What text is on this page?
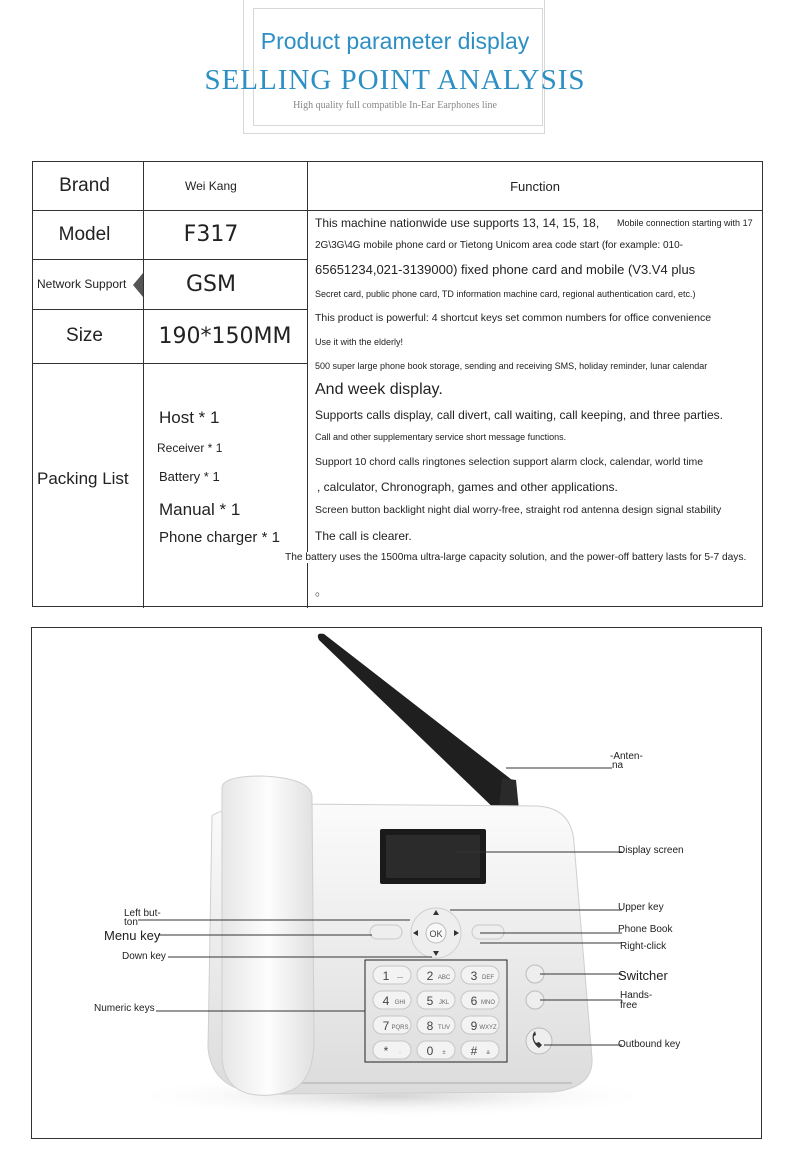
Product parameter display
SELLING POINT ANALYSIS
High quality full compatible In-Ear Earphones line
Brand	Wei Kang	Function
Model	F317
Network Support	GSM
Size	190*150MM
Packing List
Host * 1
Receiver * 1
Battery * 1
Manual * 1
Phone charger * 1
This machine nationwide use supports 13, 14, 15, 18, Mobile connection starting with 17
2G\3G\4G mobile phone card or Tietong Unicom area code start (for example: 010-
65651234,021-3139000) fixed phone card and mobile (V3.V4 plus
Secret card, public phone card, TD information machine card, regional authentication card, etc.)
This product is powerful: 4 shortcut keys set common numbers for office convenience
Use it with the elderly!
500 super large phone book storage, sending and receiving SMS, holiday reminder, lunar calendar
And week display.
Supports calls display, call divert, call waiting, call keeping, and three parties.
Call and other supplementary service short message functions.
Support 10 chord calls ringtones selection support alarm clock, calendar, world time
, calculator, Chronograph, games and other applications.
Screen button backlight night dial worry-free, straight rod antenna design signal stability
The call is clearer.
The battery uses the 1500ma ultra-large capacity solution, and the power-off battery lasts for 5-7 days.
。
OK
1 — 2 ABC 3 DEF
4 GHI 5 JKL 6 MNO
7 PQRS 8 TUV 9 WXYZ
* · 0 ± # a
-Anten-
na
Display screen
Upper key
Phone Book
Right-click
Switcher
Hands-
free
Outbound key
Left but-
ton
Menu key
Down key
Numeric keys
